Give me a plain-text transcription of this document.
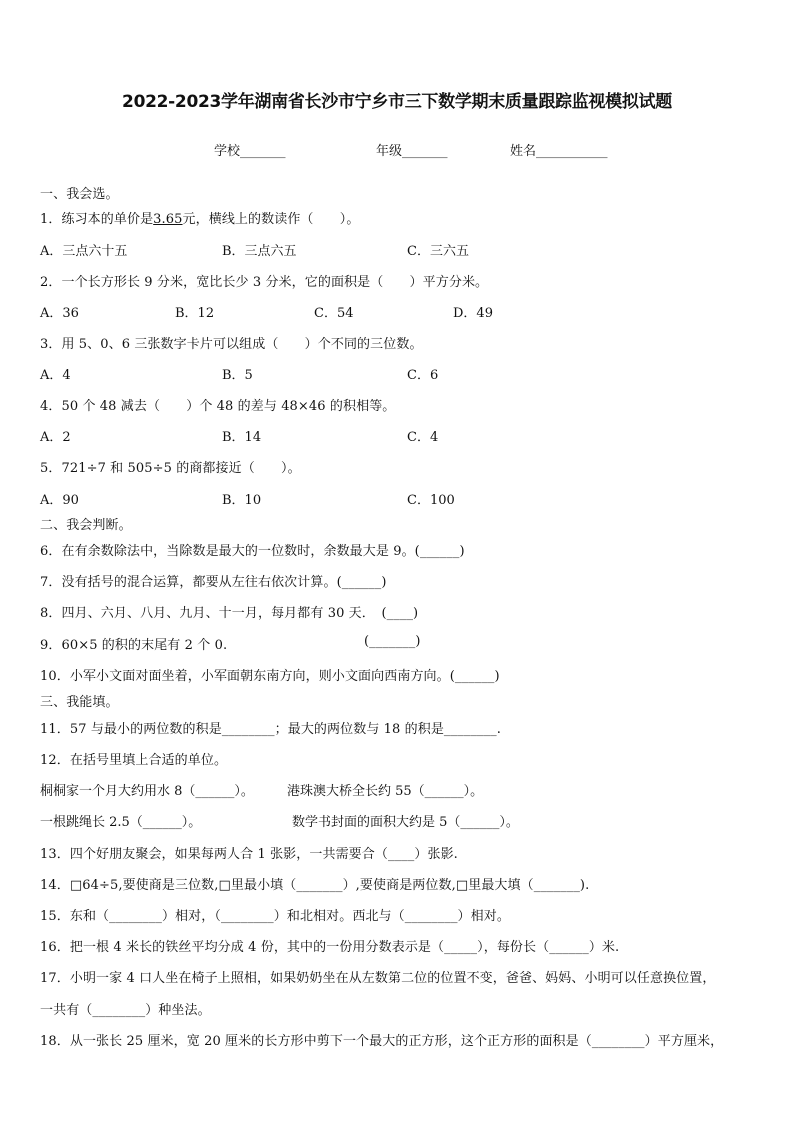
2022-2023学年湖南省长沙市宁乡市三下数学期末质量跟踪监视模拟试题
学校_______	年级_______	姓名___________
一、我会选。
1．练习本的单价是3.65元，横线上的数读作（　　）。
A．三点六十五	B．三点六五	C．三六五
2．一个长方形长 9 分米，宽比长少 3 分米，它的面积是（　　）平方分米。
A．36	B．12	C．54	D．49
3．用 5、0、6 三张数字卡片可以组成（　　）个不同的三位数。
A．4	B．5	C．6
4．50 个 48 减去（　　）个 48 的差与 48×46 的积相等。
A．2	B．14	C．4
5．721÷7 和 505÷5 的商都接近（　　）。
A．90	B．10	C．100
二、我会判断。
6．在有余数除法中，当除数是最大的一位数时，余数最大是 9。(______)
7．没有括号的混合运算，都要从左往右依次计算。(______)
8．四月、六月、八月、九月、十一月，每月都有 30 天．　(____)
9．60×5 的积的末尾有 2 个 0.	(_______)
10．小军小文面对面坐着，小军面朝东南方向，则小文面向西南方向。(______)
三、我能填。
11．57 与最小的两位数的积是________；最大的两位数与 18 的积是________.
12．在括号里填上合适的单位。
桐桐家一个月大约用水 8（______）。	港珠澳大桥全长约 55（______）。
一根跳绳长 2.5（______）。	数学书封面的面积大约是 5（______）。
13．四个好朋友聚会，如果每两人合 1 张影，一共需要合（____）张影.
14．□64÷5,要使商是三位数,□里最小填（_______）,要使商是两位数,□里最大填（_______).
15．东和（________）相对，（________）和北相对。西北与（________）相对。
16．把一根 4 米长的铁丝平均分成 4 份，其中的一份用分数表示是（_____），每份长（______）米.
17．小明一家 4 口人坐在椅子上照相，如果奶奶坐在从左数第二位的位置不变，爸爸、妈妈、小明可以任意换位置，
一共有（________）种坐法。
18．从一张长 25 厘米，宽 20 厘米的长方形中剪下一个最大的正方形，这个正方形的面积是（________）平方厘米，
